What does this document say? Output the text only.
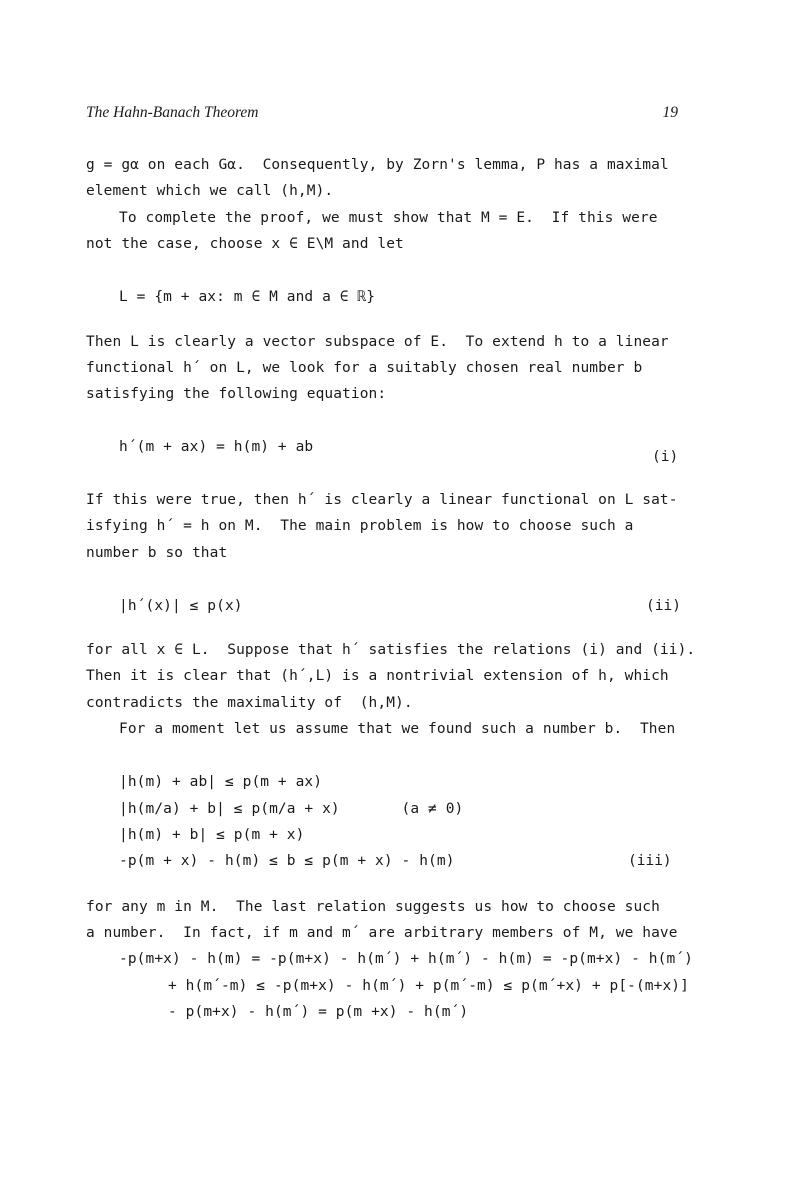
The Hahn-Banach Theorem	19
g = gα on each Gα.  Consequently, by Zorn's lemma, P has a maximal
element which we call (h,M).
To complete the proof, we must show that M = E.  If this were
not the case, choose x ∈ E\M and let
L = {m + ax: m ∈ M and a ∈ ℝ}
Then L is clearly a vector subspace of E.  To extend h to a linear
functional h´ on L, we look for a suitably chosen real number b
satisfying the following equation:
h´(m + ax) = h(m) + ab
(i)
If this were true, then h´ is clearly a linear functional on L sat-
isfying h´ = h on M.  The main problem is how to choose such a
number b so that
|h´(x)| ≤ p(x)	(ii)
for all x ∈ L.  Suppose that h´ satisfies the relations (i) and (ii).
Then it is clear that (h´,L) is a nontrivial extension of h, which
contradicts the maximality of  (h,M).
For a moment let us assume that we found such a number b.  Then
|h(m) + ab| ≤ p(m + ax)
|h(m/a) + b| ≤ p(m/a + x)       (a ≠ 0)
|h(m) + b| ≤ p(m + x)
-p(m + x) - h(m) ≤ b ≤ p(m + x) - h(m)	(iii)
for any m in M.  The last relation suggests us how to choose such
a number.  In fact, if m and m´ are arbitrary members of M, we have
-p(m+x) - h(m) = -p(m+x) - h(m´) + h(m´) - h(m) = -p(m+x) - h(m´)
+ h(m´-m) ≤ -p(m+x) - h(m´) + p(m´-m) ≤ p(m´+x) + p[-(m+x)]
- p(m+x) - h(m´) = p(m +x) - h(m´)
